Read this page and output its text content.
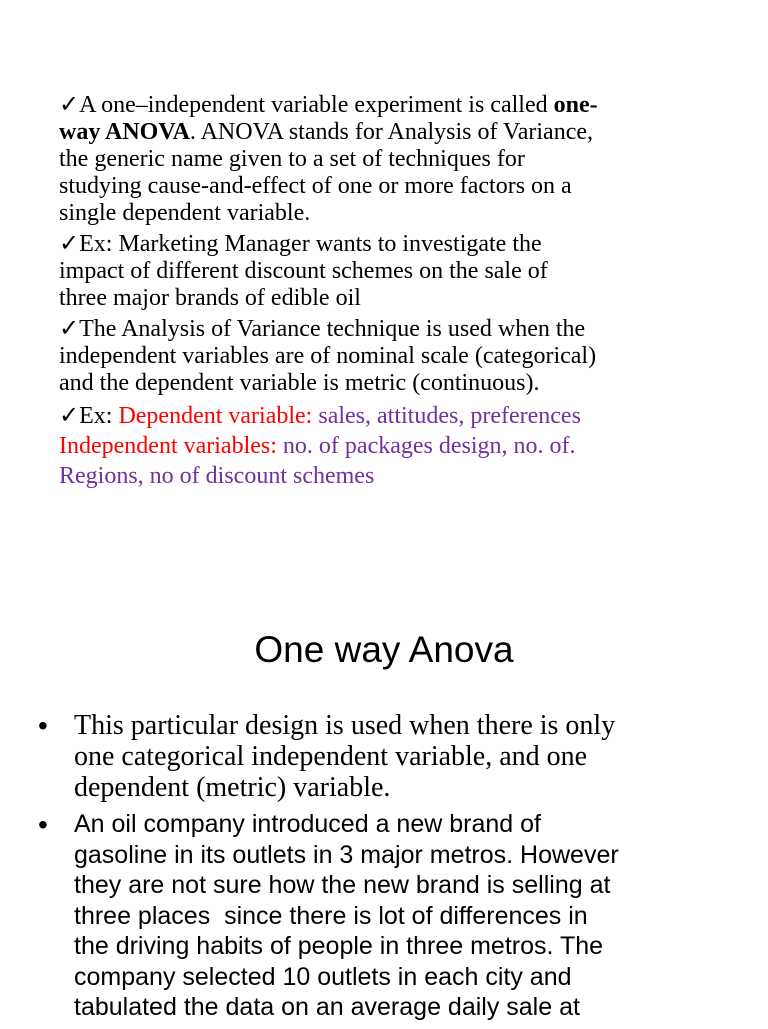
✓A one–independent variable experiment is called one-
way ANOVA. ANOVA stands for Analysis of Variance,
the generic name given to a set of techniques for
studying cause-and-effect of one or more factors on a
single dependent variable.

✓Ex: Marketing Manager wants to investigate the
impact of different discount schemes on the sale of
three major brands of edible oil

✓The Analysis of Variance technique is used when the
independent variables are of nominal scale (categorical)
and the dependent variable is metric (continuous).

✓Ex: Dependent variable: sales, attitudes, preferences
Independent variables: no. of packages design, no. of.
Regions, no of discount schemes

One way Anova
• This particular design is used when there is only
one categorical independent variable, and one
dependent (metric) variable.
• An oil company introduced a new brand of
gasoline in its outlets in 3 major metros. However
they are not sure how the new brand is selling at
three places  since there is lot of differences in
the driving habits of people in three metros. The
company selected 10 outlets in each city and
tabulated the data on an average daily sale at
